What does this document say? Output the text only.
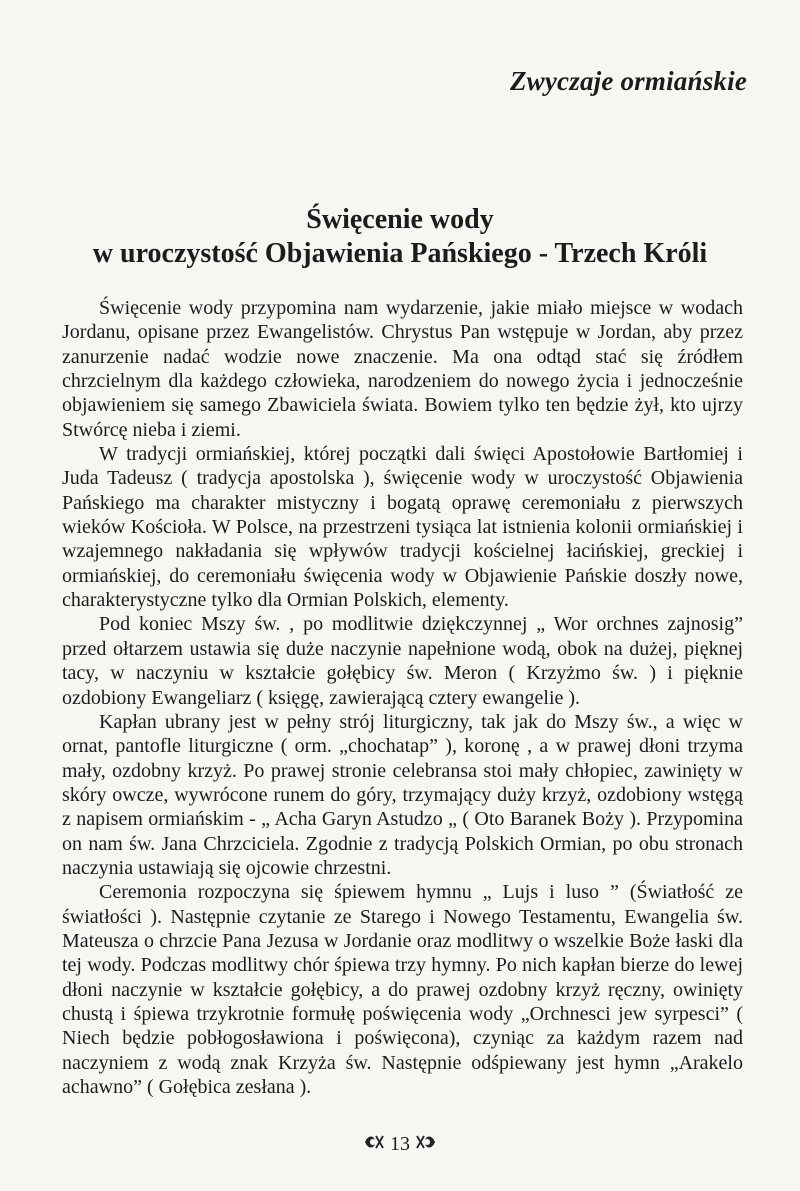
Zwyczaje ormiańskie
Święcenie wody
w uroczystość Objawienia Pańskiego - Trzech Króli

Święcenie wody przypomina nam wydarzenie, jakie miało miejsce w wodach Jordanu, opisane przez Ewangelistów. Chrystus Pan wstępuje w Jordan, aby przez zanurzenie nadać wodzie nowe znaczenie. Ma ona odtąd stać się źródłem chrzcielnym dla każdego człowieka, narodzeniem do nowego życia i jednocześnie objawieniem się samego Zbawiciela świata. Bowiem tylko ten będzie żył, kto ujrzy Stwórcę nieba i ziemi.

W tradycji ormiańskiej, której początki dali święci Apostołowie Bartłomiej i Juda Tadeusz ( tradycja apostolska ), święcenie wody w uroczystość Objawienia Pańskiego ma charakter mistyczny i bogatą oprawę ceremoniału z pierwszych wieków Kościoła. W Polsce, na przestrzeni tysiąca lat istnienia kolonii ormiańskiej i wzajemnego nakładania się wpływów tradycji kościelnej łacińskiej, greckiej i ormiańskiej, do ceremoniału święcenia wody w Objawienie Pańskie doszły nowe, charakterystyczne tylko dla Ormian Polskich, elementy.

Pod koniec Mszy św. , po modlitwie dziękczynnej „ Wor orchnes zajnosig” przed ołtarzem ustawia się duże naczynie napełnione wodą, obok na dużej, pięknej tacy, w naczyniu w kształcie gołębicy św. Meron ( Krzyżmo św. ) i pięknie ozdobiony Ewangeliarz ( księgę, zawierającą cztery ewangelie ).

Kapłan ubrany jest w pełny strój liturgiczny, tak jak do Mszy św., a więc w ornat, pantofle liturgiczne ( orm. „chochatap” ), koronę , a w prawej dłoni trzyma mały, ozdobny krzyż. Po prawej stronie celebransa stoi mały chłopiec, zawinięty w skóry owcze, wywrócone runem do góry, trzymający duży krzyż, ozdobiony wstęgą z napisem ormiańskim - „ Acha Garyn Astudzo „ ( Oto Baranek Boży ). Przypomina on nam św. Jana Chrzciciela. Zgodnie z tradycją Polskich Ormian, po obu stronach naczynia ustawiają się ojcowie chrzestni.

Ceremonia rozpoczyna się śpiewem hymnu „ Lujs i luso ” (Światłość ze światłości ). Następnie czytanie ze Starego i Nowego Testamentu, Ewangelia św. Mateusza o chrzcie Pana Jezusa w Jordanie oraz modlitwy o wszelkie Boże łaski dla tej wody. Podczas modlitwy chór śpiewa trzy hymny. Po nich kapłan bierze do lewej dłoni naczynie w kształcie gołębicy, a do prawej ozdobny krzyż ręczny, owinięty chustą i śpiewa trzykrotnie formułę poświęcenia wody „Orchnesci jew syrpesci” ( Niech będzie pobłogosławiona i poświęcona), czyniąc za każdym razem nad naczyniem z wodą znak Krzyża św. Następnie odśpiewany jest hymn „Arakelo achawno” ( Gołębica zesłana ).

13
